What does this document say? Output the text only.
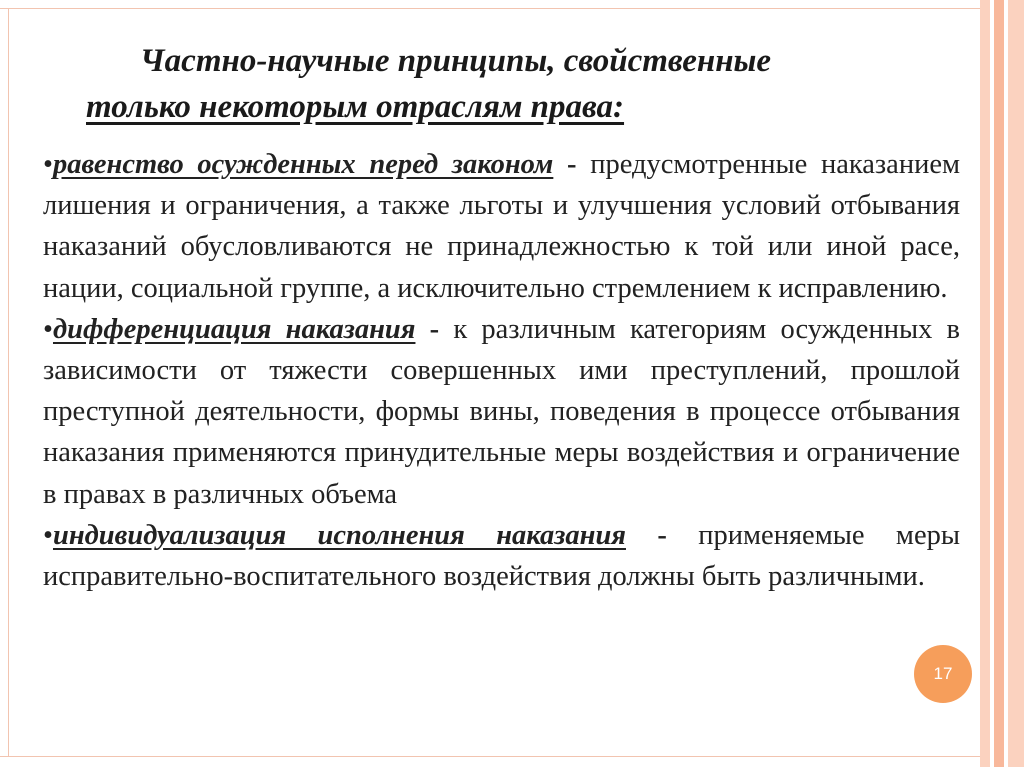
Частно-научные принципы, свойственные
только некоторым отраслям права:

•равенство осужденных перед законом - предусмотренные наказанием лишения и ограничения, а также льготы и улучшения условий отбывания наказаний обусловливаются не принадлежностью к той или иной расе, нации, социальной группе, а исключительно стремлением к исправлению.

•дифференциация наказания - к различным категориям осужденных в зависимости от тяжести совершенных ими преступлений, прошлой преступной деятельности, формы вины, поведения в процессе отбывания наказания применяются принудительные меры воздействия и ограничение в правах в различных объема

•индивидуализация исполнения наказания - применяемые меры исправительно-воспитательного воздействия должны быть различными.

17
